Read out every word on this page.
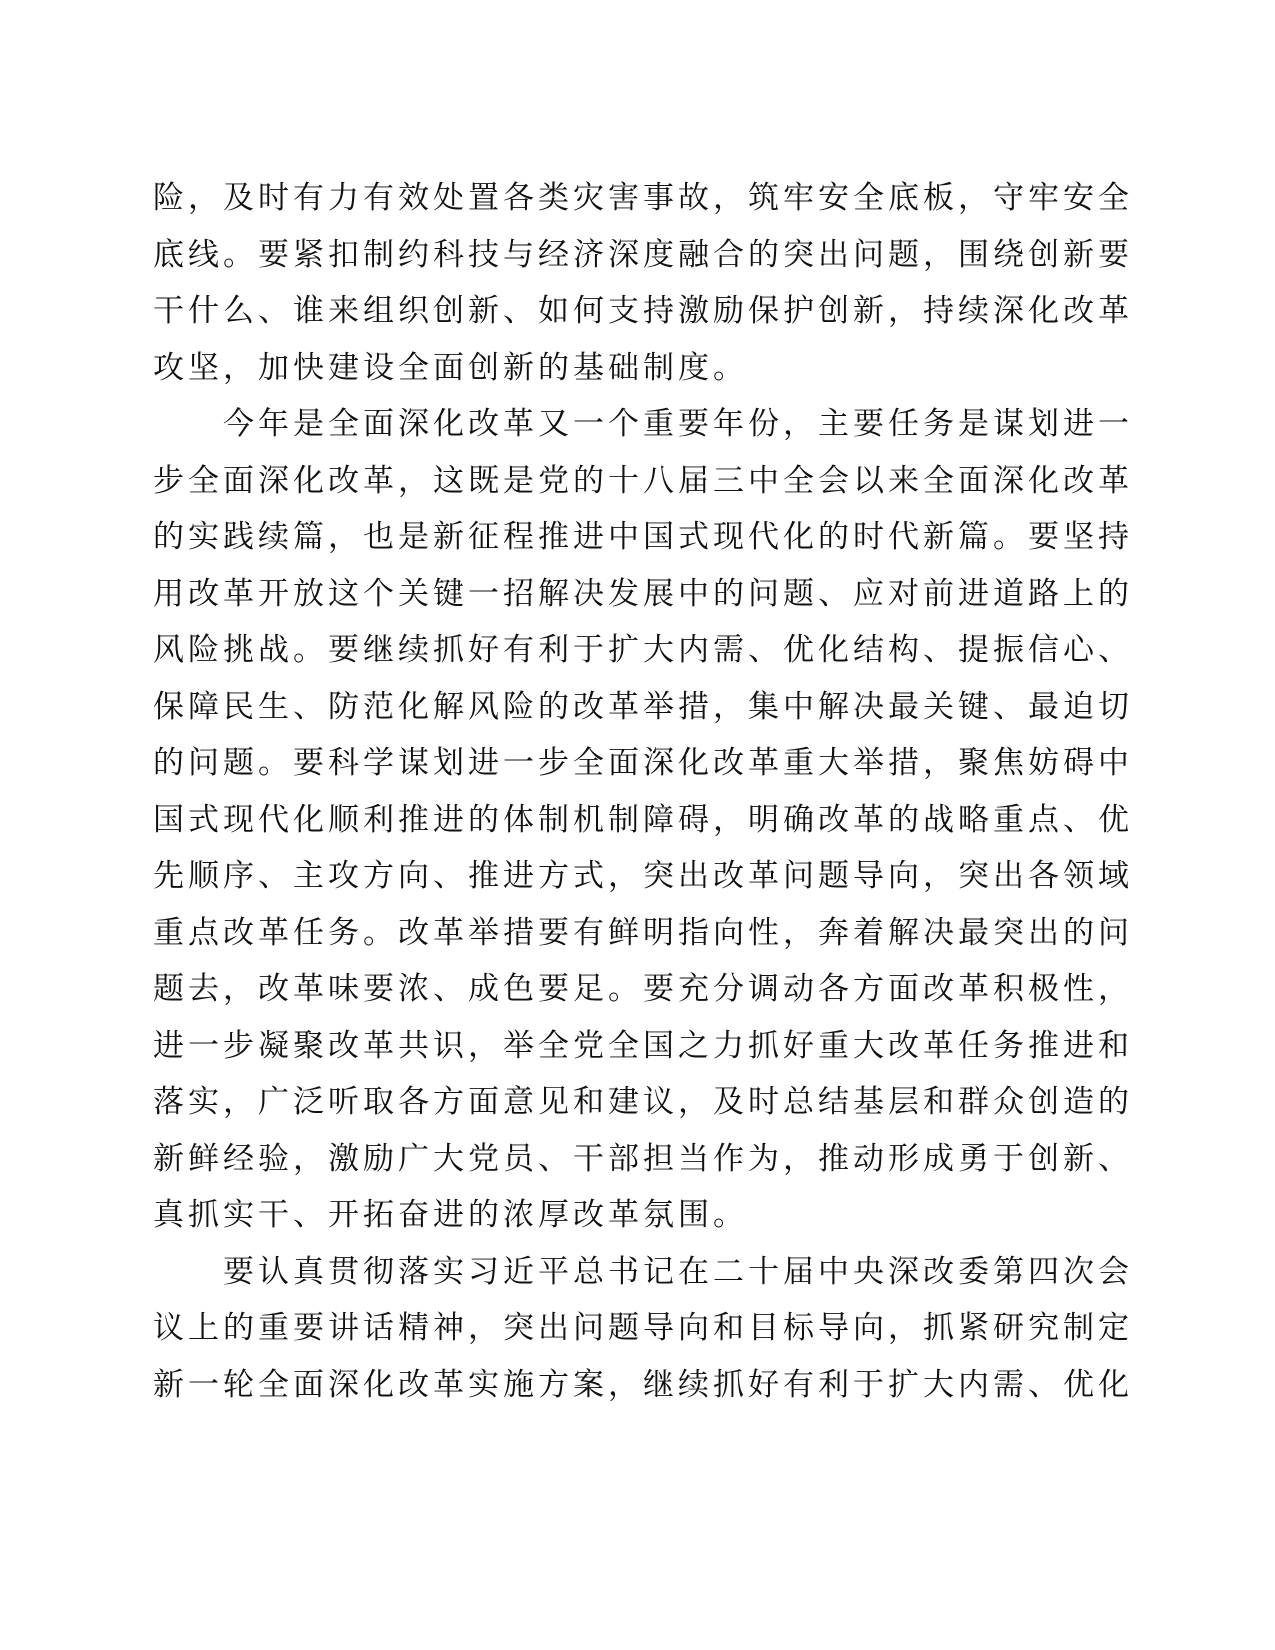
险，及时有力有效处置各类灾害事故，筑牢安全底板，守牢安全
底线。要紧扣制约科技与经济深度融合的突出问题，围绕创新要
干什么、谁来组织创新、如何支持激励保护创新，持续深化改革
攻坚，加快建设全面创新的基础制度。
今年是全面深化改革又一个重要年份，主要任务是谋划进一
步全面深化改革，这既是党的十八届三中全会以来全面深化改革
的实践续篇，也是新征程推进中国式现代化的时代新篇。要坚持
用改革开放这个关键一招解决发展中的问题、应对前进道路上的
风险挑战。要继续抓好有利于扩大内需、优化结构、提振信心、
保障民生、防范化解风险的改革举措，集中解决最关键、最迫切
的问题。要科学谋划进一步全面深化改革重大举措，聚焦妨碍中
国式现代化顺利推进的体制机制障碍，明确改革的战略重点、优
先顺序、主攻方向、推进方式，突出改革问题导向，突出各领域
重点改革任务。改革举措要有鲜明指向性，奔着解决最突出的问
题去，改革味要浓、成色要足。要充分调动各方面改革积极性，
进一步凝聚改革共识，举全党全国之力抓好重大改革任务推进和
落实，广泛听取各方面意见和建议，及时总结基层和群众创造的
新鲜经验，激励广大党员、干部担当作为，推动形成勇于创新、
真抓实干、开拓奋进的浓厚改革氛围。
要认真贯彻落实习近平总书记在二十届中央深改委第四次会
议上的重要讲话精神，突出问题导向和目标导向，抓紧研究制定
新一轮全面深化改革实施方案，继续抓好有利于扩大内需、优化
